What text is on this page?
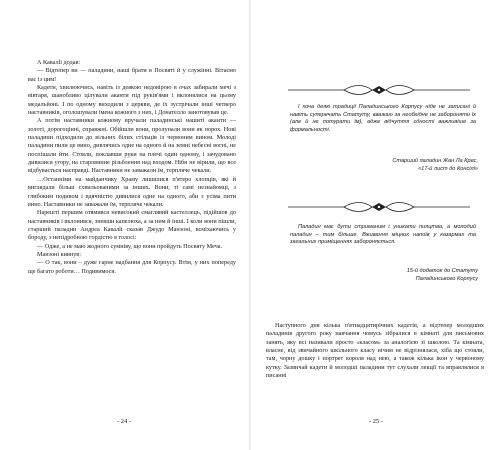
А Кавалli додав:

— Відтепер ви — паладини, наші брати в Посвяті й у служінні. Вітаємо вас із цим!

Кадети, хвилюючись, навіть із деякою недовірою в очах забирали мечі з вівтаря, шанобливо цілували аканти під руків'ями і вклонялися на цьому медальйоні. І по одному виходили з церкви, де їх зустрічали інші четверо наставників, оголошували імена кожного з них, і Донателло занотовував це.

А потім наставники кожному вручали паладинські нашиті аканти — золоті, дорогоцінні, справжні. Обійшли вони, пролунали вони як порох. Нові паладини підходили до вільних білих стільців із червоним вином. Молоді паладини пили це вино, дивлячись одне на одного й на земні небесні вогні, не поспішали йти. Стояли, поклавши руки на плечі один одному, і зачудовано дивилися угору, на старовинне різьблення над входом. Ніби не вірили, що все відбувається насправді. Наставники не заважали їм, терпляче чекали.

…Останніми на майданчику Храму лишилися п'ятеро хлопців, які й виглядали більш схвильованими за інших. Вони, ті самі незнайомці, з глибоким подивом і вдячністю дивилися одне на одного, аби з усіма пити вино. Наставники не заважали їм, терпляче чекали.

Нарешті першим отямився невисокий смаглявий кастеллець, підійшов до наставників і вклонився, зневши капелюха, а за ним й інші. І коли вони пішли, старший паладин Андреа Кавалli сказав Джудо Манзоні, всміхаючись у бороду, з непідробною гордістю в голосі:

— Одже, а не маю жодного сумніву, що вони пройдуть Посвяту Меча.

Манзоні кивнув:

— О так, вони – дуже гарне надбання для Корпусу. Втім, у них попереду ще багато роботи… Подивимося.

- 24 -

І хоча деякі традиції Паладинського Корпусу ніде не записані й навіть суперечать Статуту, вважаю за необхідне не забороняти їх (але й не потурати їм), адже відчуття єдності важливіше за формальності.

Старший паладин Жан Ла Крес,
«17-й лист до Консілі»

Паладин має бути стриманим і уникати пияцтва, а молодий паладин – тим більше. Вживання міцних напоїв у казармах та загальних приміщеннях забороняється.

15-й додаток до Статуту
Паладинського Корпусу

Наступного дня кілька п'ятнадцятирічних кадетів, а відтепер молодших паладинів другого року навчання чомусь зібралися в кімнаті для письмових занять, яку всі називали просто «класом» за аналогією зі школою. Та кімната, власне, від звичайного шкільного класу нічим не відрізнялася, хіба що стояли, там, чорну дошку і портрет короля над нею, а також кілька ікон у червоному кутку. Зазвичай кадети й молодші паладини тут слухали лекції та вправлялися в писанні

- 25 -
